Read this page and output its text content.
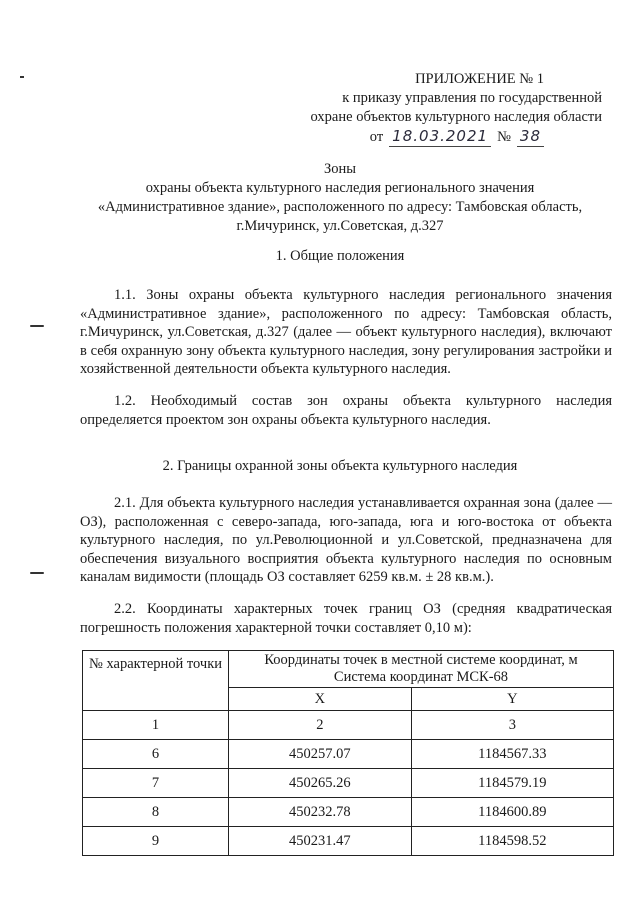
ПРИЛОЖЕНИЕ № 1
к приказу управления по государственной
охране объектов культурного наследия области
от 18.03.2021 № 38
Зоны
охраны объекта культурного наследия регионального значения
«Административное здание», расположенного по адресу: Тамбовская область,
г.Мичуринск, ул.Советская, д.327
1. Общие положения
1.1. Зоны охраны объекта культурного наследия регионального значения «Административное здание», расположенного по адресу: Тамбовская область, г.Мичуринск, ул.Советская, д.327 (далее — объект культурного наследия), включают в себя охранную зону объекта культурного наследия, зону регулирования застройки и хозяйственной деятельности объекта культурного наследия.
1.2. Необходимый состав зон охраны объекта культурного наследия определяется проектом зон охраны объекта культурного наследия.
2. Границы охранной зоны объекта культурного наследия
2.1. Для объекта культурного наследия устанавливается охранная зона (далее — ОЗ), расположенная с северо-запада, юго-запада, юга и юго-востока от объекта культурного наследия, по ул.Революционной и ул.Советской, предназначена для обеспечения визуального восприятия объекта культурного наследия по основным каналам видимости (площадь ОЗ составляет 6259 кв.м. ± 28 кв.м.).
2.2. Координаты характерных точек границ ОЗ (средняя квадратическая погрешность положения характерной точки составляет 0,10 м):
№ характерной точки	Координаты точек в местной системе координат, м
Система координат МСК-68	

	X	Y
1	2	3
6	450257.07	1184567.33
7	450265.26	1184579.19
8	450232.78	1184600.89
9	450231.47	1184598.52
